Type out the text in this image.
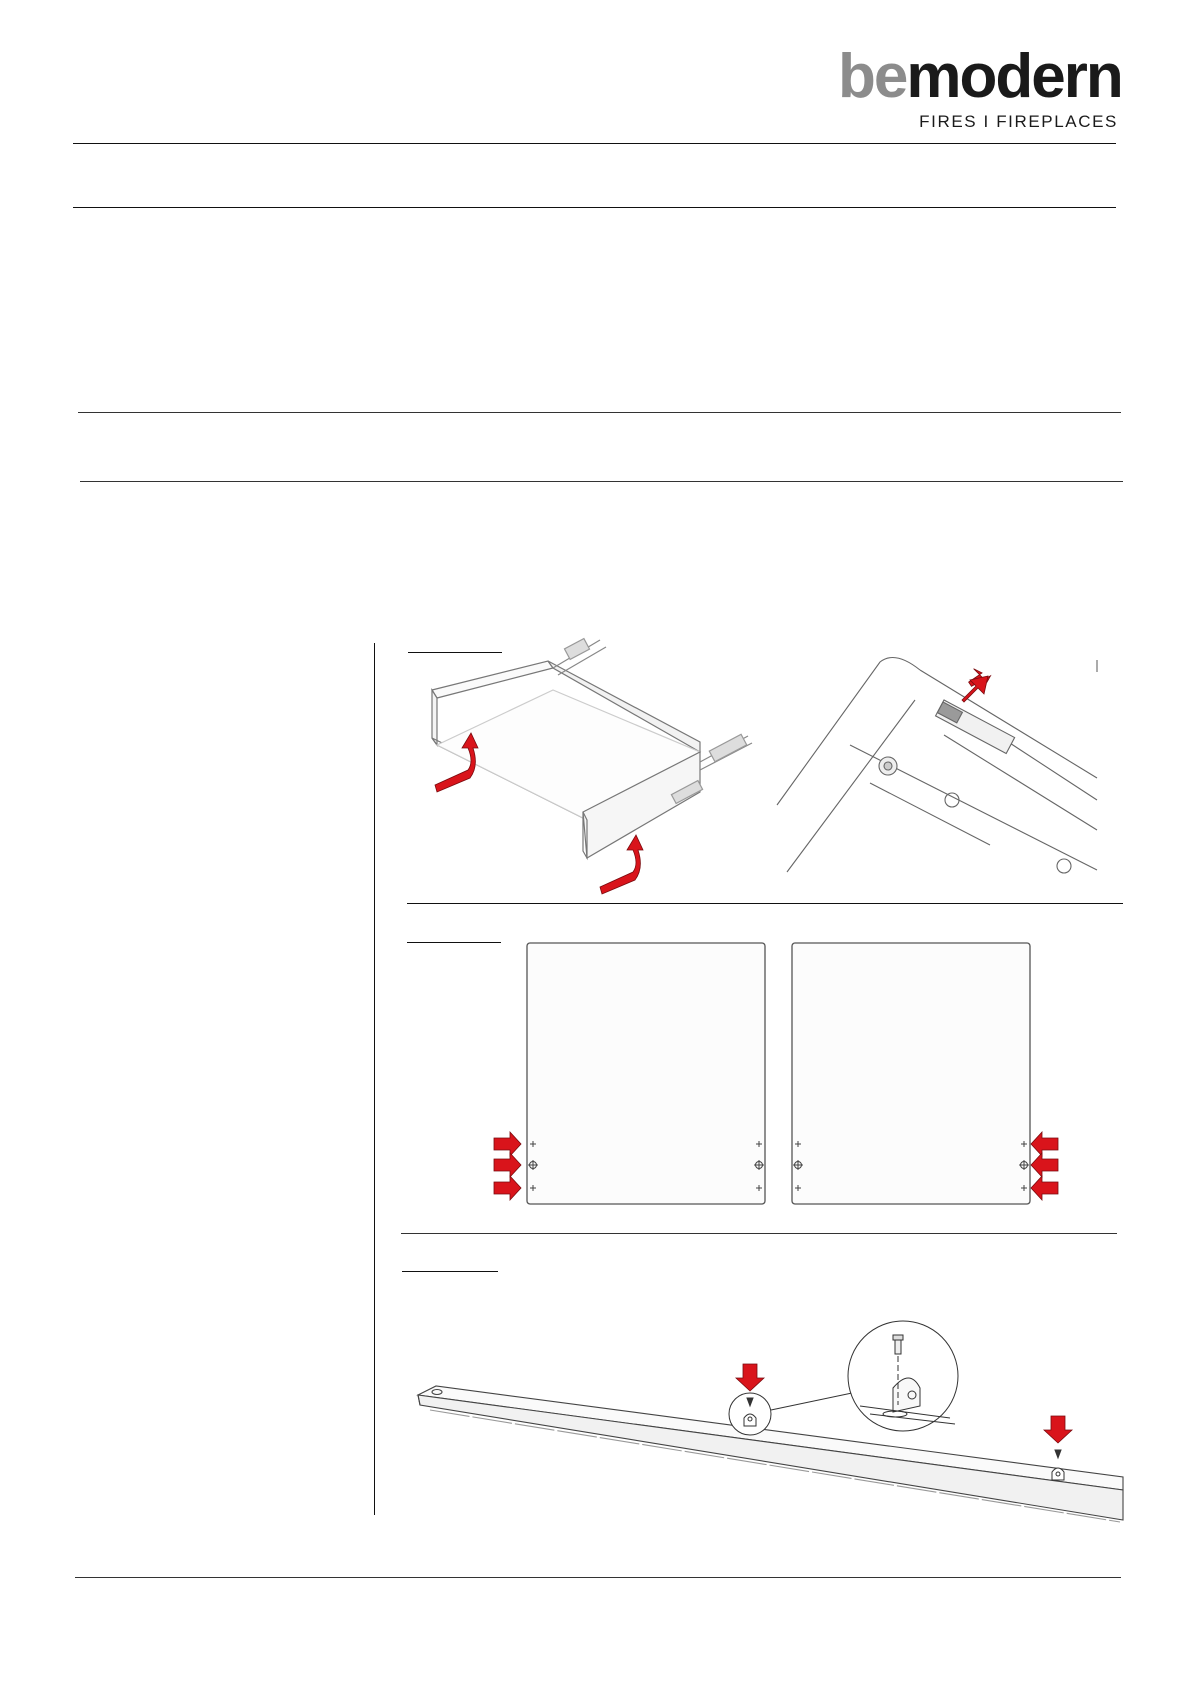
bemodern
FIRES I FIREPLACES
